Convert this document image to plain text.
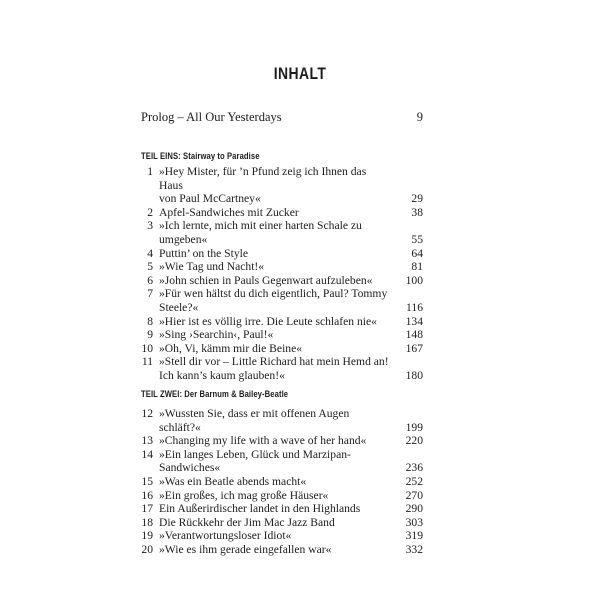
INHALT
Prolog – All Our Yesterdays	9
TEIL EINS: Stairway to Paradise
1 »Hey Mister, für ’n Pfund zeig ich Ihnen das Haus
von Paul McCartney«	29
2 Apfel-Sandwiches mit Zucker	38
3 »Ich lernte, mich mit einer harten Schale zu
umgeben«	55
4 Puttin’ on the Style	64
5 »Wie Tag und Nacht!«	81
6 »John schien in Pauls Gegenwart aufzuleben«	100
7 »Für wen hältst du dich eigentlich, Paul? Tommy
Steele?«	116
8 »Hier ist es völlig irre. Die Leute schlafen nie«	134
9 »Sing ›Searchin‹, Paul!«	148
10 »Oh, Vi, kämm mir die Beine«	167
11 »Stell dir vor – Little Richard hat mein Hemd an!
Ich kann’s kaum glauben!«	180
TEIL ZWEI: Der Barnum & Bailey-Beatle
12 »Wussten Sie, dass er mit offenen Augen schläft?«	199
13 »Changing my life with a wave of her hand«	220
14 »Ein langes Leben, Glück und Marzipan-
Sandwiches«	236
15 »Was ein Beatle abends macht«	252
16 »Ein großes, ich mag große Häuser«	270
17 Ein Außerirdischer landet in den Highlands	290
18 Die Rückkehr der Jim Mac Jazz Band	303
19 »Verantwortungsloser Idiot«	319
20 »Wie es ihm gerade eingefallen war«	332
